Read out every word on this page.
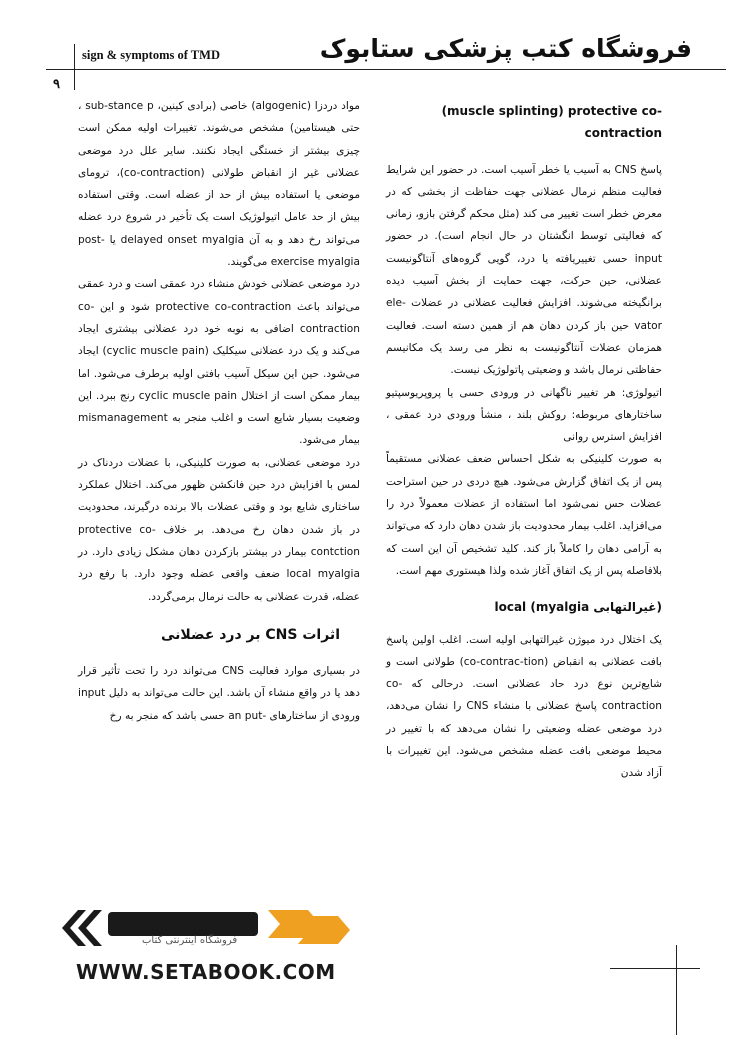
sign & symptoms of TMD	فروشگاه کتب پزشکی ستابوک
۹

(muscle splinting) protective co-contraction

پاسخ CNS به آسیب یا خطر آسیب است. در حضور این شرایط فعالیت منظم نرمال عضلانی جهت حفاظت از بخشی که در معرض خطر است تغییر می کند (مثل محکم گرفتن بازو، زمانی که فعالیتی توسط انگشتان در حال انجام است). در حضور input حسی تغییریافته یا درد، گویی گروه‌های آنتاگونیست عضلانی، حین حرکت، جهت حمایت از بخش آسیب دیده برانگیخته می‌شوند. افزایش فعالیت عضلانی در عضلات ele-vator حین باز کردن دهان هم از همین دسته است. فعالیت همزمان عضلات آنتاگونیست به نظر می رسد یک مکانیسم حفاظتی نرمال باشد و وضعیتی پاتولوژیک نیست.

اتیولوژی: هر تغییر ناگهانی در ورودی حسی یا پروپریوسپتیو ساختارهای مربوطه: روکش بلند ، منشأ ورودی درد عمقی ، افزایش استرس روانی

به صورت کلینیکی به شکل احساس ضعف عضلانی مستقیماً پس از یک اتفاق گزارش می‌شود. هیچ دردی در حین استراحت عضلات حس نمی‌شود اما استفاده از عضلات معمولاً درد را می‌افزاید. اغلب بیمار محدودیت باز شدن دهان دارد که می‌تواند به آرامی دهان را کاملاً باز کند. کلید تشخیص آن این است که بلافاصله پس از یک اتفاق آغاز شده ولذا هیستوری مهم است.

(غیرالتهابی local (myalgia

یک اختلال درد میوژن غیرالتهابی اولیه است. اغلب اولین پاسخ بافت عضلانی به انقباض (co-contrac-tion) طولانی است و شایع‌ترین نوع درد حاد عضلانی است. درحالی که co-contraction پاسخ عضلانی با منشاء CNS را نشان می‌دهد، درد موضعی عضله وضعیتی را نشان می‌دهد که با تغییر در محیط موضعی بافت عضله مشخص می‌شود. این تغییرات با آزاد شدن

مواد دردزا (algogenic) خاصی (برادی کینین، sub-stance p ، حتی هیستامین) مشخص می‌شوند. تغییرات اولیه ممکن است چیزی بیشتر از خستگی ایجاد نکنند. سایر علل درد موضعی عضلانی غیر از انقباض طولانی (co-contraction)، ترومای موضعی یا استفاده بیش از حد از عضله است. وقتی استفاده بیش از حد عامل اتیولوژیک است یک تأخیر در شروع درد عضله می‌تواند رخ دهد و به آن delayed onset myalgia یا post-exercise myalgia می‌گویند.

درد موضعی عضلانی خودش منشاء درد عمقی است و درد عمقی می‌تواند باعث protective co-contraction شود و این co-contraction اضافی به نوبه خود درد عضلانی بیشتری ایجاد می‌کند و یک درد عضلانی سیکلیک (cyclic muscle pain) ایجاد می‌شود. حین این سیکل آسیب بافتی اولیه برطرف می‌شود. اما بیمار ممکن است از اختلال cyclic muscle pain رنج ببرد. این وضعیت بسیار شایع است و اغلب منجر به mismanagement بیمار می‌شود.

درد موضعی عضلانی، به صورت کلینیکی، با عضلات دردناک در لمس با افزایش درد حین فانکشن ظهور می‌کند. اختلال عملکرد ساختاری شایع بود و وقتی عضلات بالا برنده درگیرند، محدودیت در باز شدن دهان رخ می‌دهد. بر خلاف protective co-contction بیمار در بیشتر بازکردن دهان مشکل زیادی دارد. در local myalgia ضعف واقعی عضله وجود دارد. با رفع درد عضله، قدرت عضلانی به حالت نرمال برمی‌گردد.

اثرات CNS بر درد عضلانی

در بسیاری موارد فعالیت CNS می‌تواند درد را تحت تأثیر قرار دهد یا در واقع منشاء آن باشد. این حالت می‌تواند به دلیل input ورودی از ساختارهای -an put حسی باشد که منجر به رخ

فروشگاه اینترنتی کتاب
WWW.SETABOOK.COM
